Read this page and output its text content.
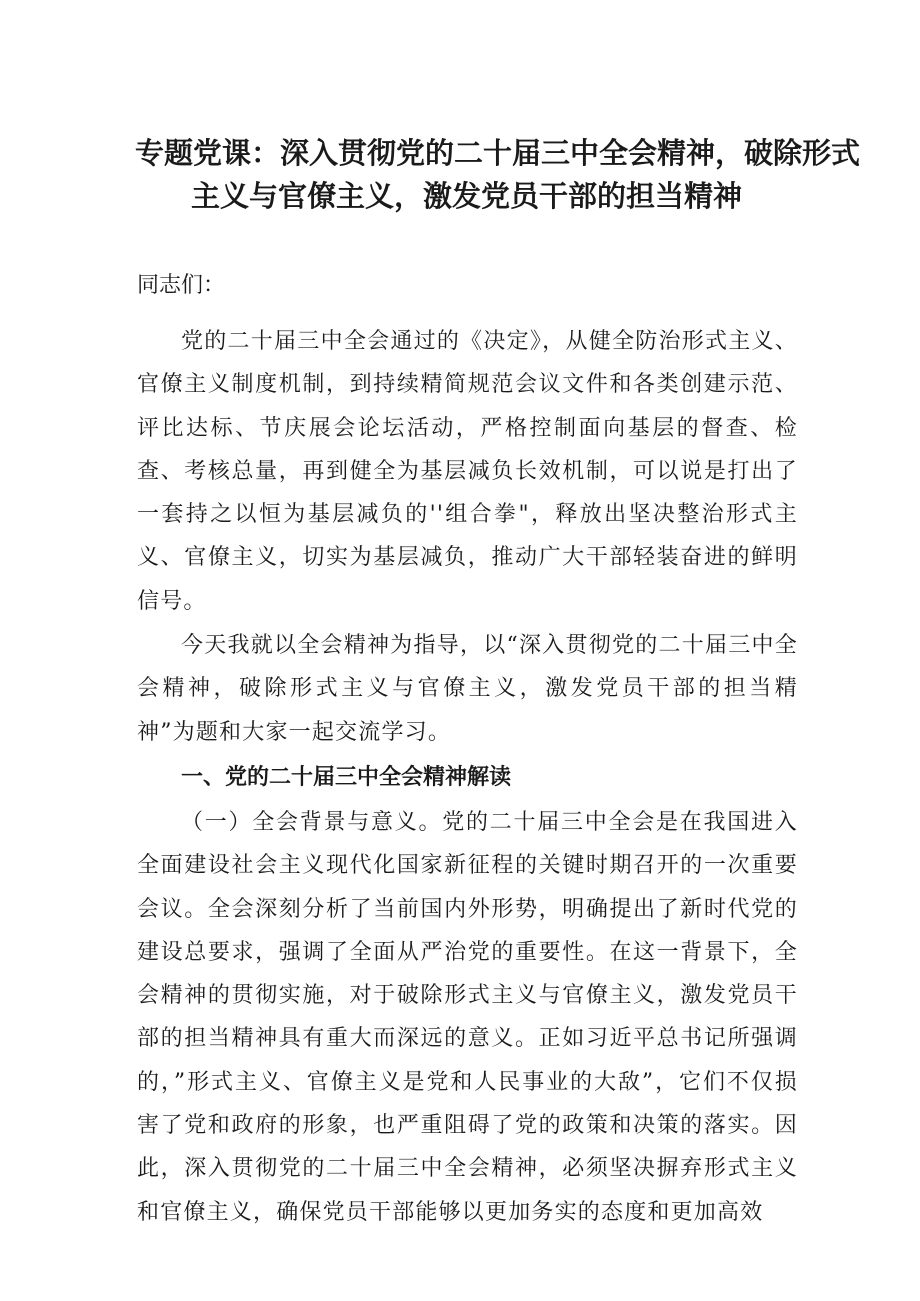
专题党课：深入贯彻党的二十届三中全会精神，破除形式
主义与官僚主义，激发党员干部的担当精神
同志们：

党的二十届三中全会通过的《决定》，从健全防治形式主义、官僚主义制度机制，到持续精简规范会议文件和各类创建示范、评比达标、节庆展会论坛活动，严格控制面向基层的督查、检查、考核总量，再到健全为基层减负长效机制，可以说是打出了一套持之以恒为基层减负的''组合拳"，释放出坚决整治形式主义、官僚主义，切实为基层减负，推动广大干部轻装奋进的鲜明信号。

今天我就以全会精神为指导，以“深入贯彻党的二十届三中全会精神，破除形式主义与官僚主义，激发党员干部的担当精神”为题和大家一起交流学习。

一、党的二十届三中全会精神解读

（一）全会背景与意义。党的二十届三中全会是在我国进入全面建设社会主义现代化国家新征程的关键时期召开的一次重要会议。全会深刻分析了当前国内外形势，明确提出了新时代党的建设总要求，强调了全面从严治党的重要性。在这一背景下，全会精神的贯彻实施，对于破除形式主义与官僚主义，激发党员干部的担当精神具有重大而深远的意义。正如习近平总书记所强调的，”形式主义、官僚主义是党和人民事业的大敌”，它们不仅损害了党和政府的形象，也严重阻碍了党的政策和决策的落实。因此，深入贯彻党的二十届三中全会精神，必须坚决摒弃形式主义和官僚主义，确保党员干部能够以更加务实的态度和更加高效
